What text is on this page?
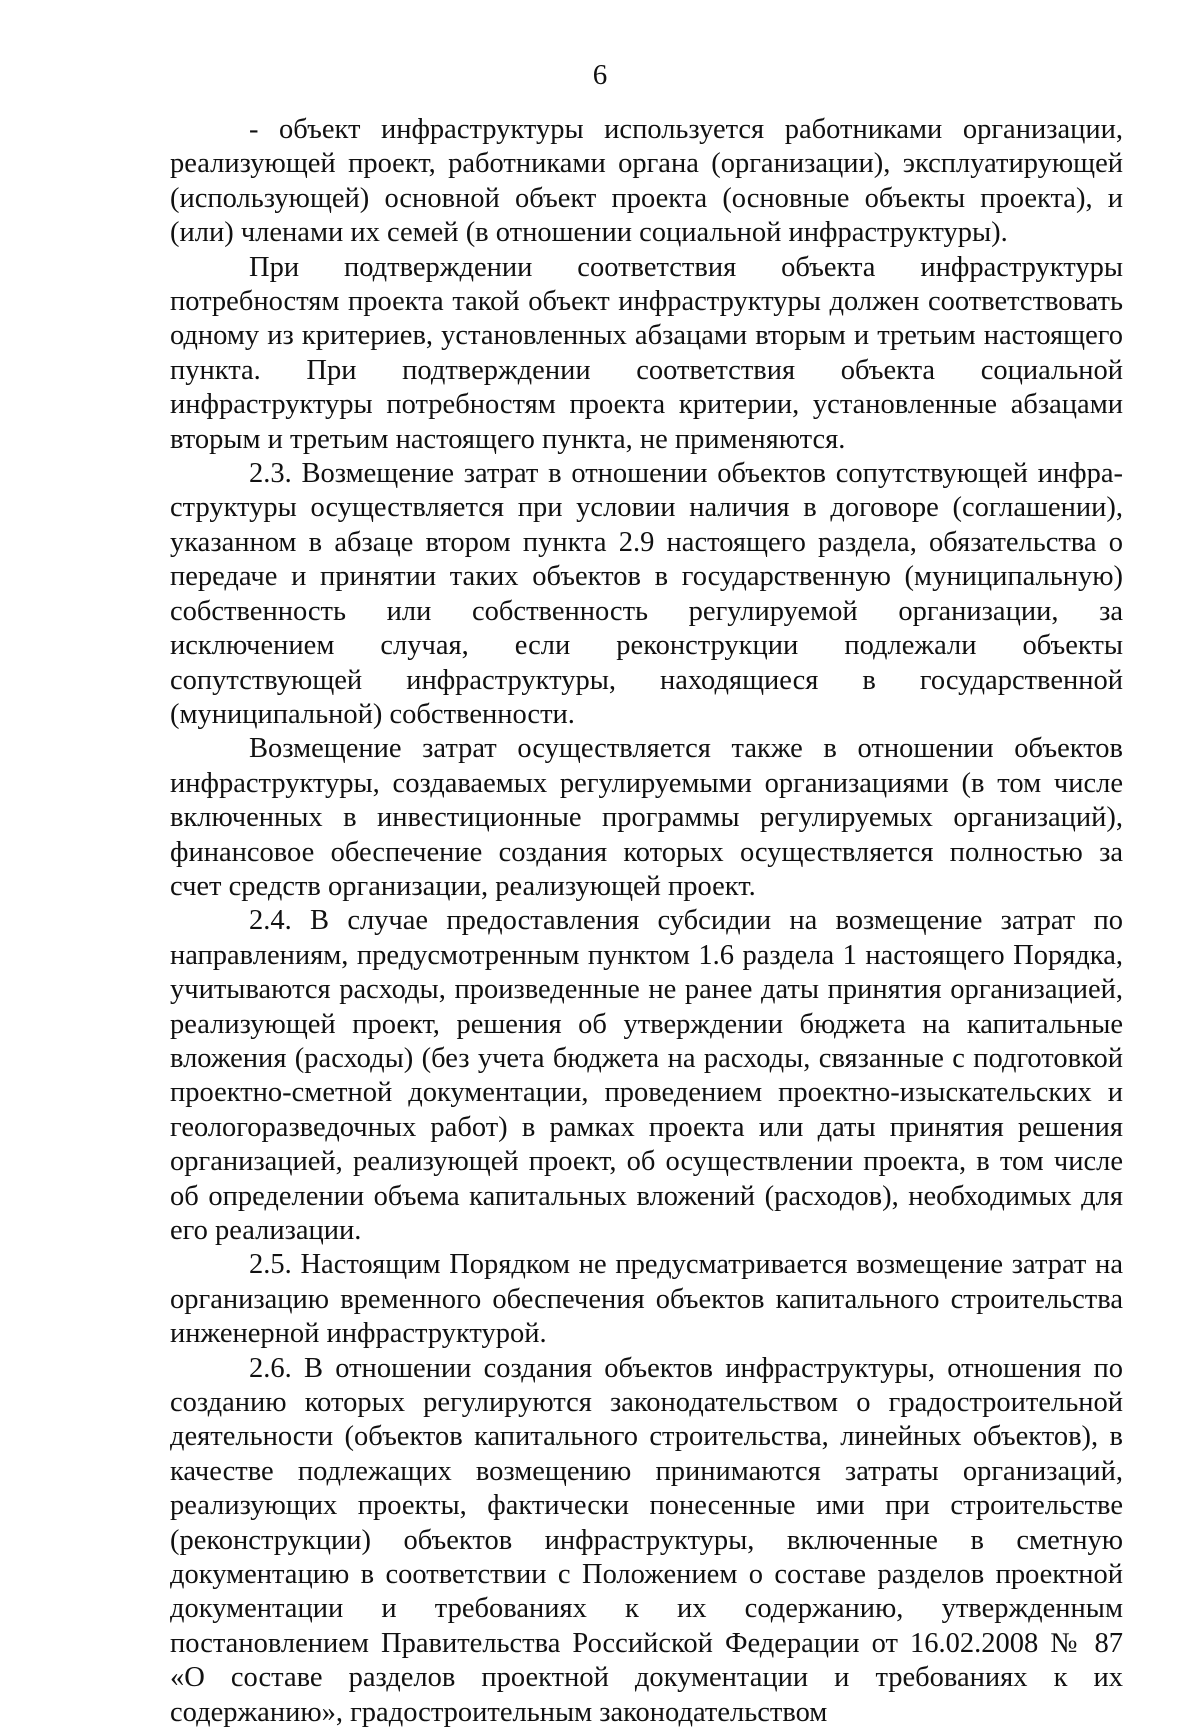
6

- объект инфраструктуры используется работниками организации, реализующей проект, работниками органа (организации), эксплуатирующей (использующей) основной объект проекта (основные объекты проекта), и (или) членами их семей (в отношении социальной инфраструктуры).

При подтверждении соответствия объекта инфраструктуры потребностям проекта такой объект инфраструктуры должен соответствовать одному из критериев, установленных абзацами вторым и третьим настоящего пункта. При подтверждении соответствия объекта социальной инфраструктуры потребностям проекта критерии, установленные абзацами вторым и третьим настоящего пункта, не применяются.

2.3. Возмещение затрат в отношении объектов сопутствующей инфраструктуры осуществляется при условии наличия в договоре (соглашении), указанном в абзаце втором пункта 2.9 настоящего раздела, обязательства о передаче и принятии таких объектов в государственную (муниципальную) собственность или собственность регулируемой организации, за исключением случая, если реконструкции подлежали объекты сопутствующей инфраструктуры, находящиеся в государственной (муниципальной) собственности.

Возмещение затрат осуществляется также в отношении объектов инфраструктуры, создаваемых регулируемыми организациями (в том числе включенных в инвестиционные программы регулируемых организаций), финансовое обеспечение создания которых осуществляется полностью за счет средств организации, реализующей проект.

2.4. В случае предоставления субсидии на возмещение затрат по направлениям, предусмотренным пунктом 1.6 раздела 1 настоящего Порядка, учитываются расходы, произведенные не ранее даты принятия организацией, реализующей проект, решения об утверждении бюджета на капитальные вложения (расходы) (без учета бюджета на расходы, связанные с подготовкой проектно-сметной документации, проведением проектно-изыскательских и геологоразведочных работ) в рамках проекта или даты принятия решения организацией, реализующей проект, об осуществлении проекта, в том числе об определении объема капитальных вложений (расходов), необходимых для его реализации.

2.5. Настоящим Порядком не предусматривается возмещение затрат на организацию временного обеспечения объектов капитального строительства инженерной инфраструктурой.

2.6. В отношении создания объектов инфраструктуры, отношения по созданию которых регулируются законодательством о градостроительной деятельности (объектов капитального строительства, линейных объектов), в качестве подлежащих возмещению принимаются затраты организаций, реализующих проекты, фактически понесенные ими при строительстве (реконструкции) объектов инфраструктуры, включенные в сметную документацию в соответствии с Положением о составе разделов проектной документации и требованиях к их содержанию, утвержденным постановлением Правительства Российской Федерации от 16.02.2008 № 87 «О составе разделов проектной документации и требованиях к их содержанию», градостроительным законодательством
